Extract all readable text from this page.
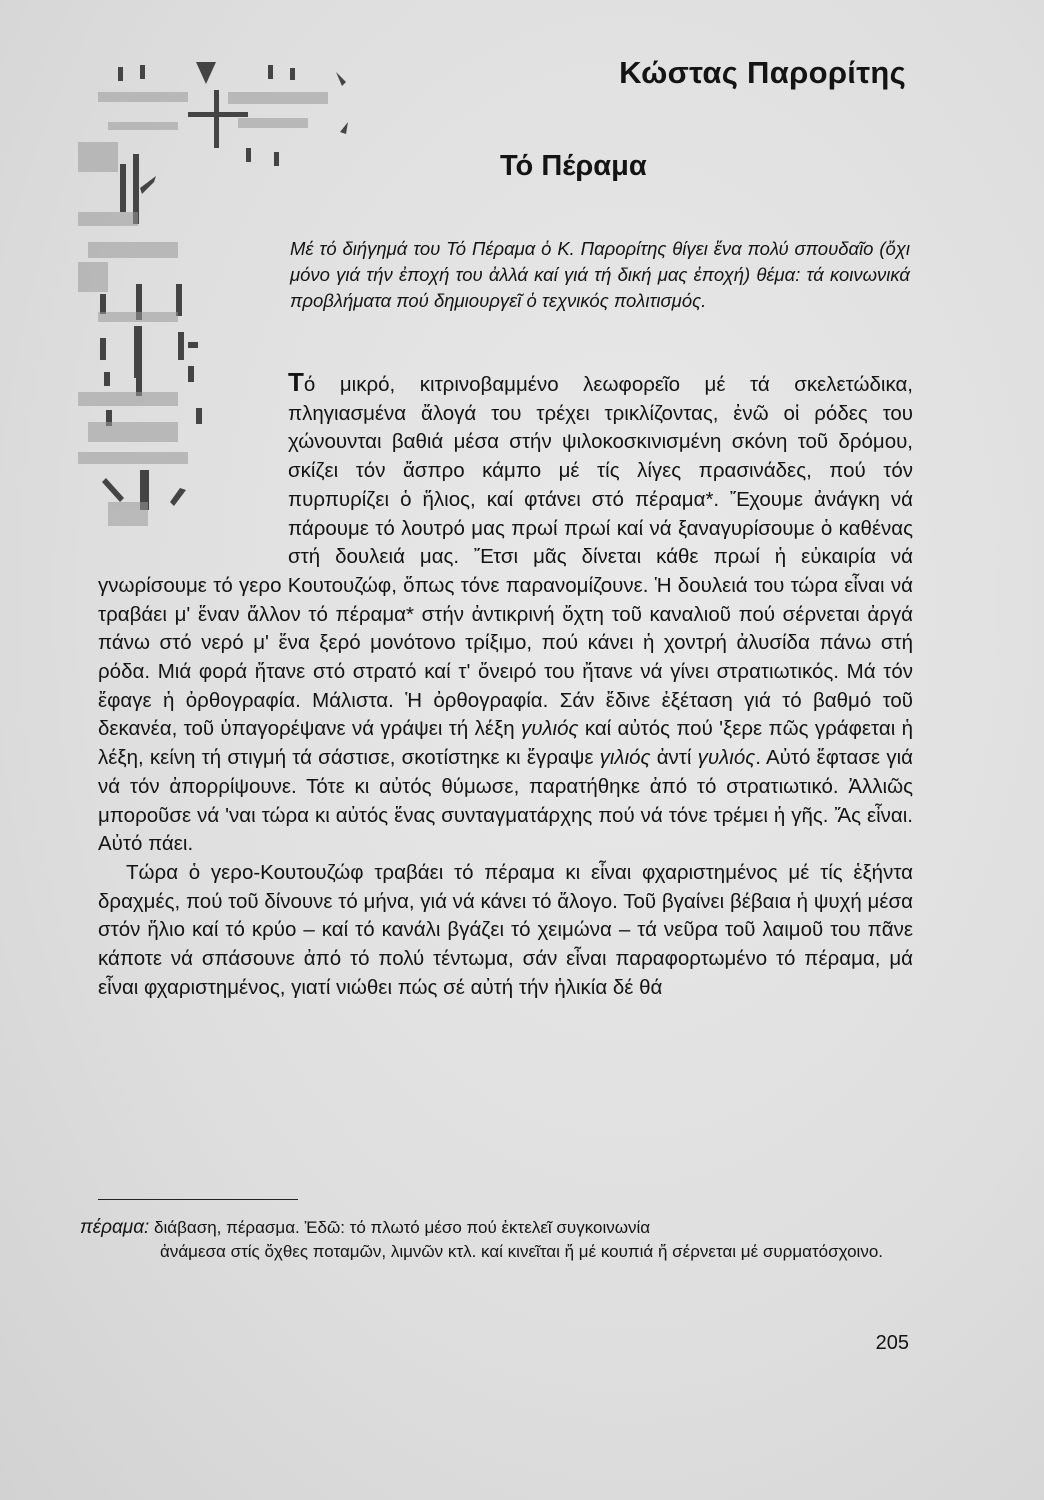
Κώστας Παρορίτης
Τό Πέραμα

Μέ τό διήγημά του Τό Πέραμα ὁ Κ. Παρορίτης θίγει ἕνα πολύ σπουδαῖο (ὄχι μόνο γιά τήν ἐποχή του ἀλλά καί γιά τή δική μας ἐποχή) θέμα: τά κοινωνικά προβλήματα πού δημιουργεῖ ὁ τεχνικός πολιτισμός.

Τό μικρό, κιτρινοβαμμένο λεωφορεῖο μέ τά σκελετώδικα, πληγιασμένα ἄλογά του τρέχει τρικλίζοντας, ἐνῶ οἱ ρόδες του χώνουνται βαθιά μέσα στήν ψιλοκοσκινισμένη σκόνη τοῦ δρόμου, σκίζει τόν ἄσπρο κάμπο μέ τίς λίγες πρασινάδες, πού τόν πυρπυρίζει ὁ ἥλιος, καί φτάνει στό πέραμα*. Ἔχουμε ἀνάγκη νά πάρουμε τό λουτρό μας πρωί πρωί καί νά ξαναγυρίσουμε ὁ καθένας στή δουλειά μας. Ἔτσι μᾶς δίνεται κάθε πρωί ἡ εὐκαιρία νά γνωρίσουμε τό γερο Κουτουζώφ, ὅπως τόνε παρανομίζουνε. Ἡ δουλειά του τώρα εἶναι νά τραβάει μ' ἕναν ἄλλον τό πέραμα* στήν ἀντικρινή ὄχτη τοῦ καναλιοῦ πού σέρνεται ἀργά πάνω στό νερό μ' ἕνα ξερό μονότονο τρίξιμο, πού κάνει ἡ χοντρή ἀλυσίδα πάνω στή ρόδα. Μιά φορά ἤτανε στό στρατό καί τ' ὄνειρό του ἤτανε νά γίνει στρατιωτικός. Μά τόν ἔφαγε ἡ ὀρθογραφία. Μάλιστα. Ἡ ὀρθογραφία. Σάν ἔδινε ἐξέταση γιά τό βαθμό τοῦ δεκανέα, τοῦ ὑπαγορέψανε νά γράψει τή λέξη γυλιός καί αὐτός πού 'ξερε πῶς γράφεται ἡ λέξη, κείνη τή στιγμή τά σάστισε, σκοτίστηκε κι ἔγραψε γιλιός ἀντί γυλιός. Αὐτό ἔφτασε γιά νά τόν ἀπορρίψουνε. Τότε κι αὐτός θύμωσε, παρατήθηκε ἀπό τό στρατιωτικό. Ἀλλιῶς μποροῦσε νά 'ναι τώρα κι αὐτός ἕνας συνταγματάρχης πού νά τόνε τρέμει ἡ γῆς. Ἄς εἶναι. Αὐτό πάει.

Τώρα ὁ γερο-Κουτουζώφ τραβάει τό πέραμα κι εἶναι φχαριστημένος μέ τίς ἑξήντα δραχμές, πού τοῦ δίνουνε τό μήνα, γιά νά κάνει τό ἄλογο. Τοῦ βγαίνει βέβαια ἡ ψυχή μέσα στόν ἥλιο καί τό κρύο – καί τό κανάλι βγάζει τό χειμώνα – τά νεῦρα τοῦ λαιμοῦ του πᾶνε κάποτε νά σπάσουνε ἀπό τό πολύ τέντωμα, σάν εἶναι παραφορτωμένο τό πέραμα, μά εἶναι φχαριστημένος, γιατί νιώθει πώς σέ αὐτή τήν ἡλικία δέ θά

πέραμα: διάβαση, πέρασμα. Ἐδῶ: τό πλωτό μέσο πού ἐκτελεῖ συγκοινωνία
ἀνάμεσα στίς ὄχθες ποταμῶν, λιμνῶν κτλ. καί κινεῖται ἤ μέ κουπιά ἤ σέρνεται μέ συρματόσχοινο.

205
